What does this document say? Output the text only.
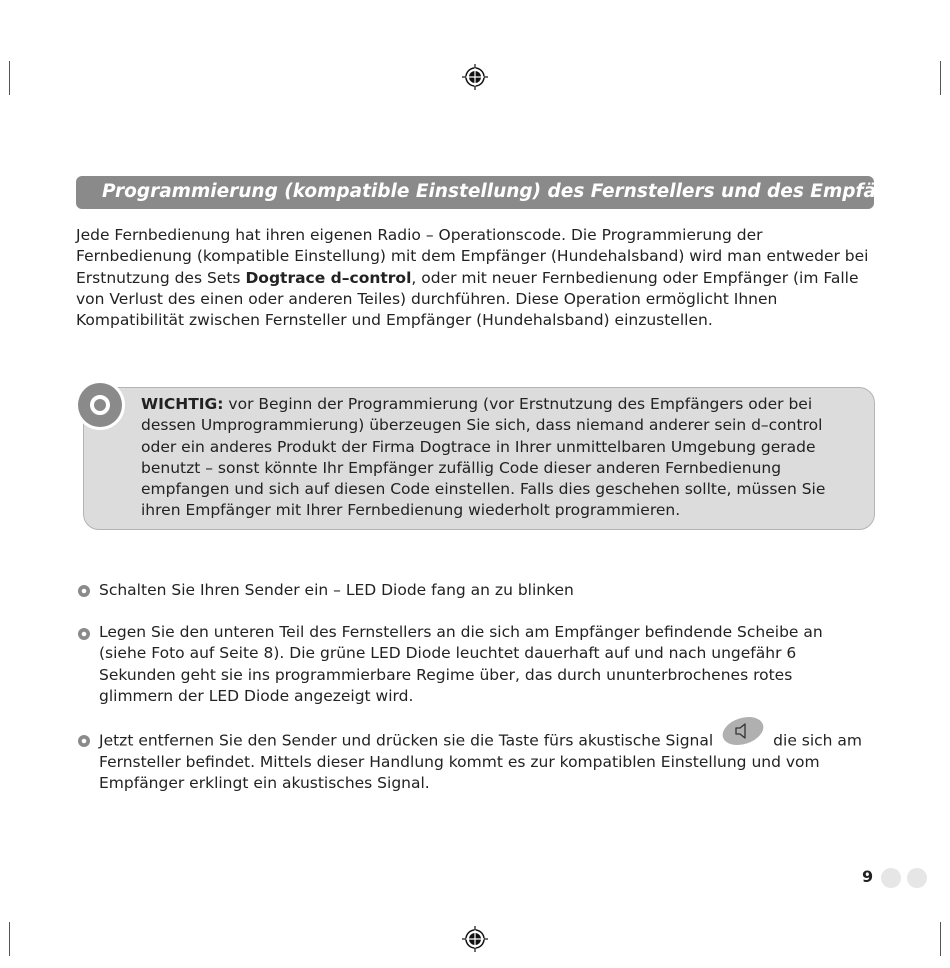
Programmierung (kompatible Einstellung) des Fernstellers und des Empfängers

Jede Fernbedienung hat ihren eigenen Radio – Operationscode. Die Programmierung der Fernbedienung (kompatible Einstellung) mit dem Empfänger (Hundehalsband) wird man entweder bei Erstnutzung des Sets Dogtrace d–control, oder mit neuer Fernbedienung oder Empfänger (im Falle von Verlust des einen oder anderen Teiles) durchführen. Diese Operation ermöglicht Ihnen Kompatibilität zwischen Fernsteller und Empfänger (Hundehalsband) einzustellen.

WICHTIG: vor Beginn der Programmierung (vor Erstnutzung des Empfängers oder bei dessen Umprogrammierung) überzeugen Sie sich, dass niemand anderer sein d–control oder ein anderes Produkt der Firma Dogtrace in Ihrer unmittelbaren Umgebung gerade benutzt – sonst könnte Ihr Empfänger zufällig Code dieser anderen Fernbedienung empfangen und sich auf diesen Code einstellen. Falls dies geschehen sollte, müssen Sie ihren Empfänger mit Ihrer Fernbedienung wiederholt programmieren.

Schalten Sie Ihren Sender ein – LED Diode fang an zu blinken

Legen Sie den unteren Teil des Fernstellers an die sich am Empfänger befindende Scheibe an (siehe Foto auf Seite 8). Die grüne LED Diode leuchtet dauerhaft auf und nach ungefähr 6 Sekunden geht sie ins programmierbare Regime über, das durch ununterbrochenes rotes glimmern der LED Diode angezeigt wird.

Jetzt entfernen Sie den Sender und drücken sie die Taste fürs akustische Signal	die sich am Fernsteller befindet. Mittels dieser Handlung kommt es zur kompatiblen Einstellung und vom Empfänger erklingt ein akustisches Signal.

9
